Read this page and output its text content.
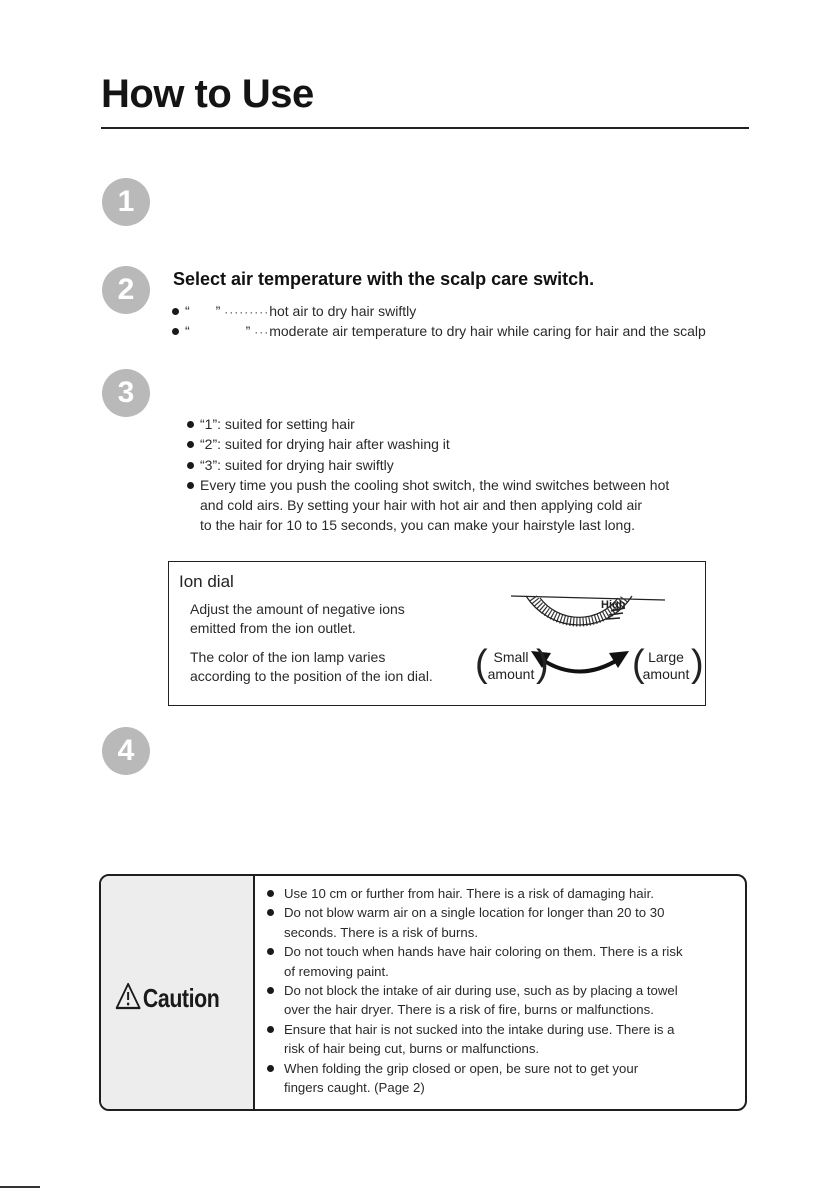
How to Use
1
2	Select air temperature with the scalp care switch.
“ ” ·········hot air to dry hair swiftly
“	” ···moderate air temperature to dry hair while caring for hair and the scalp
3
“1”: suited for setting hair
“2”: suited for drying hair after washing it
“3”: suited for drying hair swiftly
Every time you push the cooling shot switch, the wind switches between hot
and cold airs. By setting your hair with hot air and then applying cold air
to the hair for 10 to 15 seconds, you can make your hairstyle last long.
Ion dial
Adjust the amount of negative ions
emitted from the ion outlet.
The color of the ion lamp varies
according to the position of the ion dial.
High
( Small
amount ) ( Large
amount )
4
Caution
Use 10 cm or further from hair. There is a risk of damaging hair.
Do not blow warm air on a single location for longer than 20 to 30
seconds. There is a risk of burns.
Do not touch when hands have hair coloring on them. There is a risk
of removing paint.
Do not block the intake of air during use, such as by placing a towel
over the hair dryer. There is a risk of fire, burns or malfunctions.
Ensure that hair is not sucked into the intake during use. There is a
risk of hair being cut, burns or malfunctions.
When folding the grip closed or open, be sure not to get your
fingers caught. (Page 2)
